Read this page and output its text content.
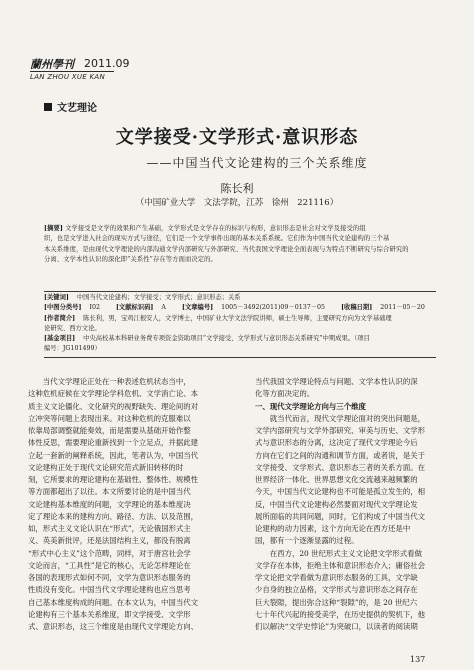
蘭州學刊 2011.09
LAN ZHOU XUE KAN
文艺理论
文学接受·文学形式·意识形态
——中国当代文论建构的三个关系维度
陈长利
（中国矿业大学　文法学院，江苏　徐州　221116）
[摘要] 文学接受是文学的效果和产生基础，文学形式是文学存在的标识与构形，意识形态是社会对文学及接受的组
织，也是文学进入社会的现实方式与途径，它们是一个文学事件出现的基本关系系统。它们作为中国当代文论建构的三个基
本关系维度，是由现代文学理论的内部沟通文学内部研究与外部研究、当代我国文学理论全面表现与为特点不断研究与综合研究的
分离、文学本性认识的深化即“关系性”存在等方面而决定的。
[关键词] 中国当代文论建构；文学接受；文学形式；意识形态；关系
[中图分类号] I02	[文献标识码] A	[文章编号] 1005－3492(2011)09－0137－05	[收稿日期] 2011－05－20
[作者简介] 陈长利，男，宝鸡江根安人，文学博士，中国矿业大学文法学院讲师，硕士生导师，主要研究方向为文学基础理
论研究、西方文论。
[基金项目] 中央高校基本科研业务费专项资金资助项目“文学接受、文学形式与意识形态关系研究”中期成果。（项目
编号：JG101499）
　　当代文学理论正处在一种表述危机状态当中，
这种危机症候在文学理论学科危机、文学消亡论、本
质主义文论僵化、文化研究的视野缺失、理论间的对
立冲突等问题上表现出来。对这种危机的克服难以
依靠局部调整就能奏效，而是需要从基础开始作整
体性反思，需要理论重新找到一个立足点，并据此建
立起一套新的阐释系统，因此，笔者认为，中国当代
文论建构正处于现代文论研究范式新旧转移的时
刻，它所要求的理论建构在基础性、整体性、规模性
等方面都超出了以往。本文所要讨论的是中国当代
文论建构基本维度的问题，文学理论的基本维度决
定了理论本来的建构方向、路径、方法、以及范围，
如，形式主义文论认识在“形式”，无论俄国形式主
义、英美新批评，还是法国结构主义，都没有脱离
“形式中心主义”这个范畴，同样，对于唐宫社会学
文论而言，“工具性”是它的核心，无论怎样理论在
各国的表现形式如何不同，文学为意识形态服务的
性质没有变化。中国当代文学理论建构也应当思考
自己基本维度构成的问题。在本文认为，中国当代文
论建构有三个基本关系维度，即文学接受、文学形
式、意识形态，这三个维度是由现代文学理论方向、
当代我国文学理论特点与问题、文学本性认识的深
化等方面决定的。
一、现代文学理论方向与三个维度
　　就当代而言，现代文学理论面对的突出问题是，
文学内部研究与文学外部研究、审美与历史、文学形
式与意识形态的分离，这决定了现代文学理论今后
方向在它们之间的沟通和调节方面，或者说，是关于
文学接受、文学形式、意识形态三者的关系方面。在
世界经济一体化、世界思想文化交流越来越频繁的
今天，中国当代文论建构也不可能是孤立发生的，相
反，中国当代文论建构必然要面对现代文学理论发
展所面临的共同问题，同时，它们构成了中国当代文
论建构的动力因素，这个方向无论在西方还是中
国，都有一个逐渐显露的过程。
　　在西方，20 世纪形式主义文论把文学形式看做
文学存在本体，拒绝主体和意识形态介入；庸俗社会
学文论把文学看做为意识形态服务的工具，文学缺
少自身的独立品格，文学形式与意识形态之间存在
巨大裂隙，提出弥合这种“裂隙”的，是 20 世纪六
七十年代兴起的接受美学，在历史提供的契机下，他
们以解决“文学史悖论”为突破口，以读者的阅读期
137
